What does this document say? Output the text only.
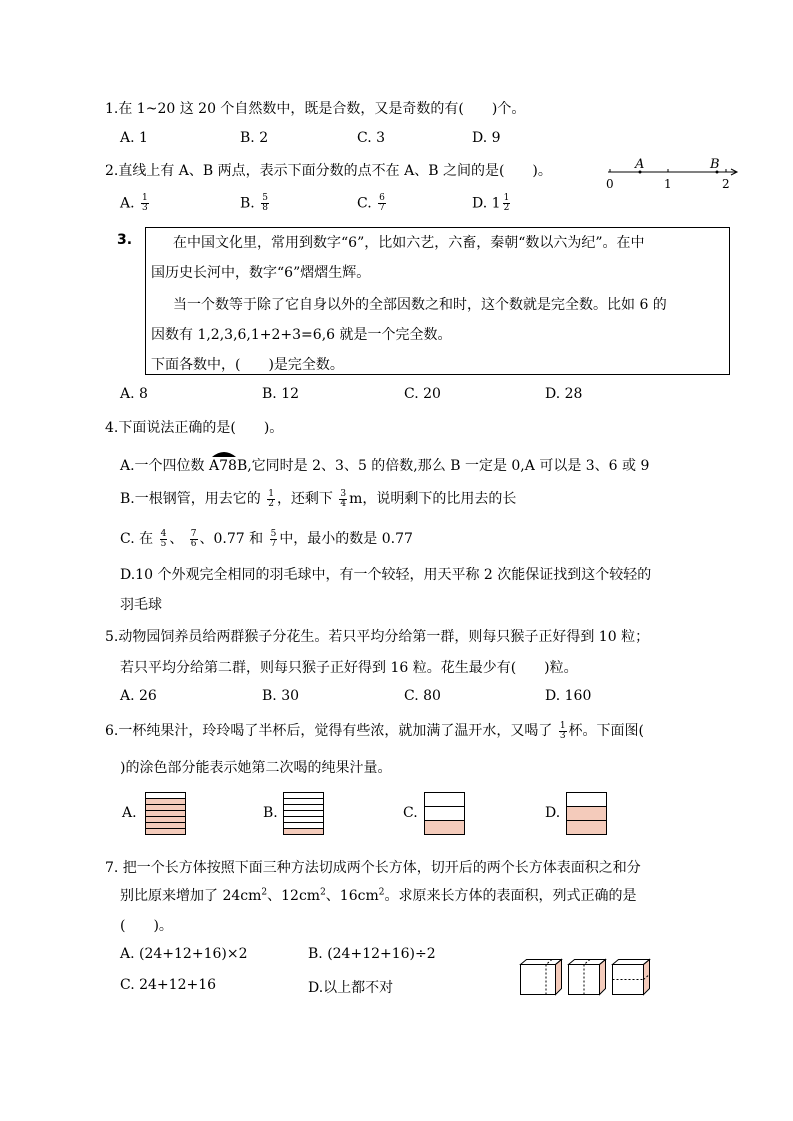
1.在 1~20 这 20 个自然数中，既是合数，又是奇数的有(　　)个。
A. 1	B. 2	C. 3	D. 9
2.直线上有 A、B 两点，表示下面分数的点不在 A、B 之间的是(　　)。	A	B
0	1	2
A. $\frac{1}{3}$	B. $\frac{5}{8}$	C. $\frac{6}{7}$	D. $1 \frac{1}{2}$
3.	在中国文化里，常用到数字“6”，比如六艺，六畜，秦朝“数以六为纪”。在中
国历史长河中，数字“6”熠熠生辉。
当一个数等于除了它自身以外的全部因数之和时，这个数就是完全数。比如 6 的
因数有 1,2,3,6,1+2+3=6,6 就是一个完全数。
下面各数中，(　　)是完全数。
A. 8	B. 12	C. 20	D. 28
4.下面说法正确的是(　　)。
A.一个四位数
A78B,它同时是 2、3、5 的倍数,那么 B 一定是 0,A 可以是 3、6 或 9
B.一根钢管，用去它的 $\frac{1}{2}$ ，还剩下 $\frac{3}{4}$ m，说明剩下的比用去的长
C. 在 $\frac{4}{5}$ 、 $\frac{7}{6}$ 、0.77 和 $\frac{5}{7}$ 中，最小的数是 0.77
D.10 个外观完全相同的羽毛球中，有一个较轻，用天平称 2 次能保证找到这个较轻的
羽毛球
5.动物园饲养员给两群猴子分花生。若只平均分给第一群，则每只猴子正好得到 10 粒；
若只平均分给第二群，则每只猴子正好得到 16 粒。花生最少有(　　)粒。
A. 26	B. 30	C. 80	D. 160
6.一杯纯果汁，玲玲喝了半杯后，觉得有些浓，就加满了温开水，又喝了 $\frac{1}{3}$ 杯。下面图(
)的涂色部分能表示她第二次喝的纯果汁量。
A.	B.	C.	D.
7. 把一个长方体按照下面三种方法切成两个长方体，切开后的两个长方体表面积之和分
别比原来增加了 $24cm^2$、$12cm^2$、$16cm^2$。求原来长方体的表面积，列式正确的是
(　　)。
A. (24+12+16)×2	B. (24+12+16)÷2
C. 24+12+16	D.以上都不对
